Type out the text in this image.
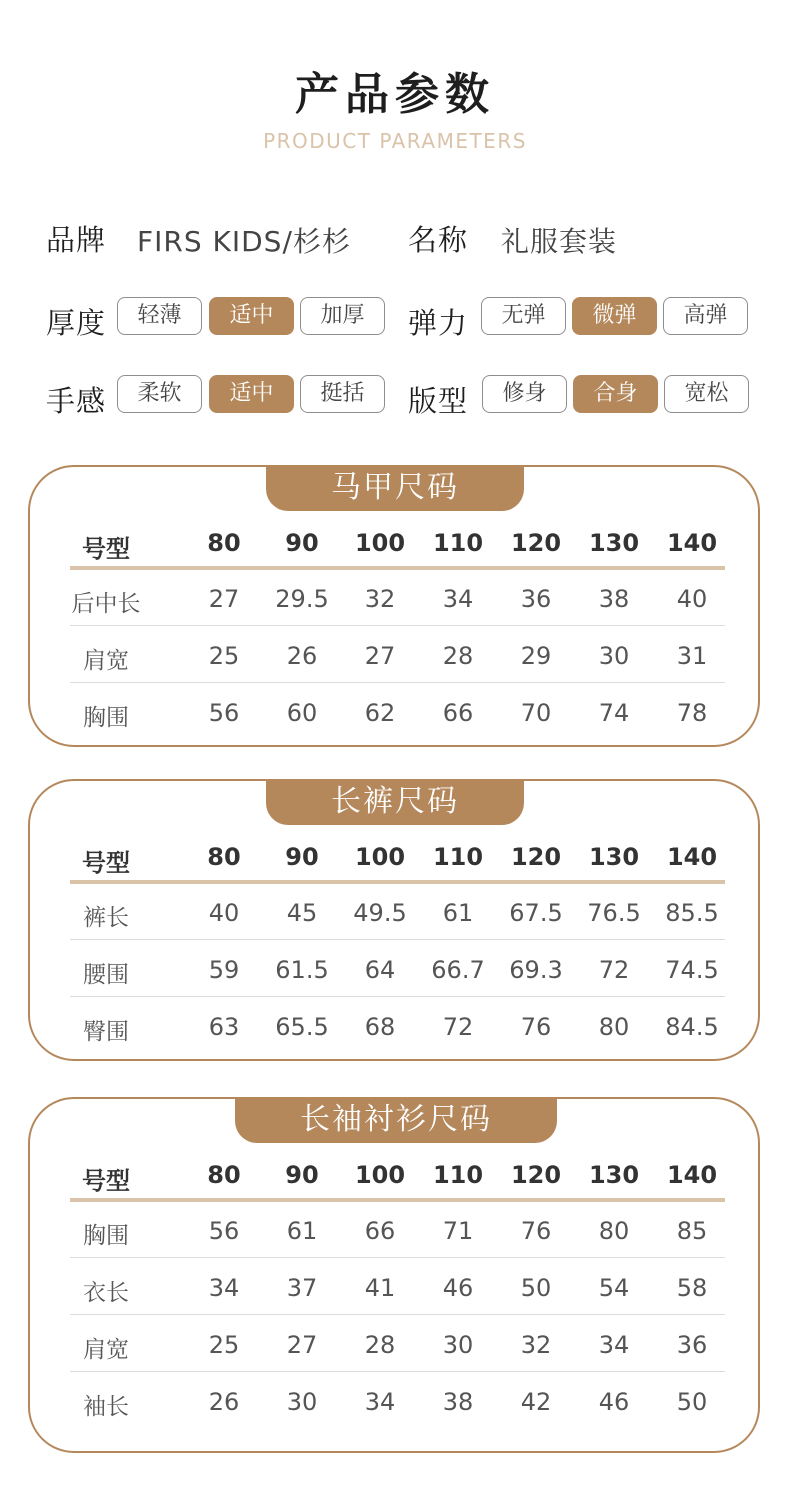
产品参数
PRODUCT PARAMETERS
品牌 FIRS KIDS/杉杉 名称 礼服套装
厚度	轻薄	适中	加厚	弹力	无弹	微弹	高弹
手感	柔软	适中	挺括	版型	修身	合身	宽松
马甲尺码
号型	80	90	100	110	120	130	140
后中长	27	29.5	32	34	36	38	40
肩宽	25	26	27	28	29	30	31
胸围	56	60	62	66	70	74	78
长裤尺码
号型	80	90	100	110	120	130	140
裤长	40	45	49.5	61	67.5	76.5	85.5
腰围	59	61.5	64	66.7	69.3	72	74.5
臀围	63	65.5	68	72	76	80	84.5
长袖衬衫尺码
号型	80	90	100	110	120	130	140
胸围	56	61	66	71	76	80	85
衣长	34	37	41	46	50	54	58
肩宽	25	27	28	30	32	34	36
袖长	26	30	34	38	42	46	50
